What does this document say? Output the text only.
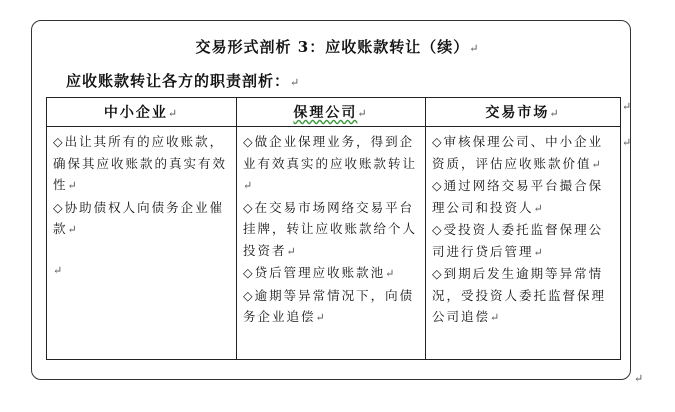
交易形式剖析 3：应收账款转让（续）↵
应收账款转让各方的职责剖析：↵
中小企业↵	保理公司↵	交易市场↵

◇出让其所有的应收账款，确保其应收账款的真实有效性↵
◇协助债权人向债务企业催款↵
↵	◇做企业保理业务，得到企业有效真实的应收账款转让↵
◇在交易市场网络交易平台挂牌，转让应收账款给个人投资者↵
◇贷后管理应收账款池↵
◇逾期等异常情况下，向债务企业追偿↵	◇审核保理公司、中小企业资质，评估应收账款价值↵
◇通过网络交易平台撮合保理公司和投资人↵
◇受投资人委托监督保理公司进行贷后管理↵
◇到期后发生逾期等异常情况，受投资人委托监督保理公司追偿↵
↵
↵
↵
